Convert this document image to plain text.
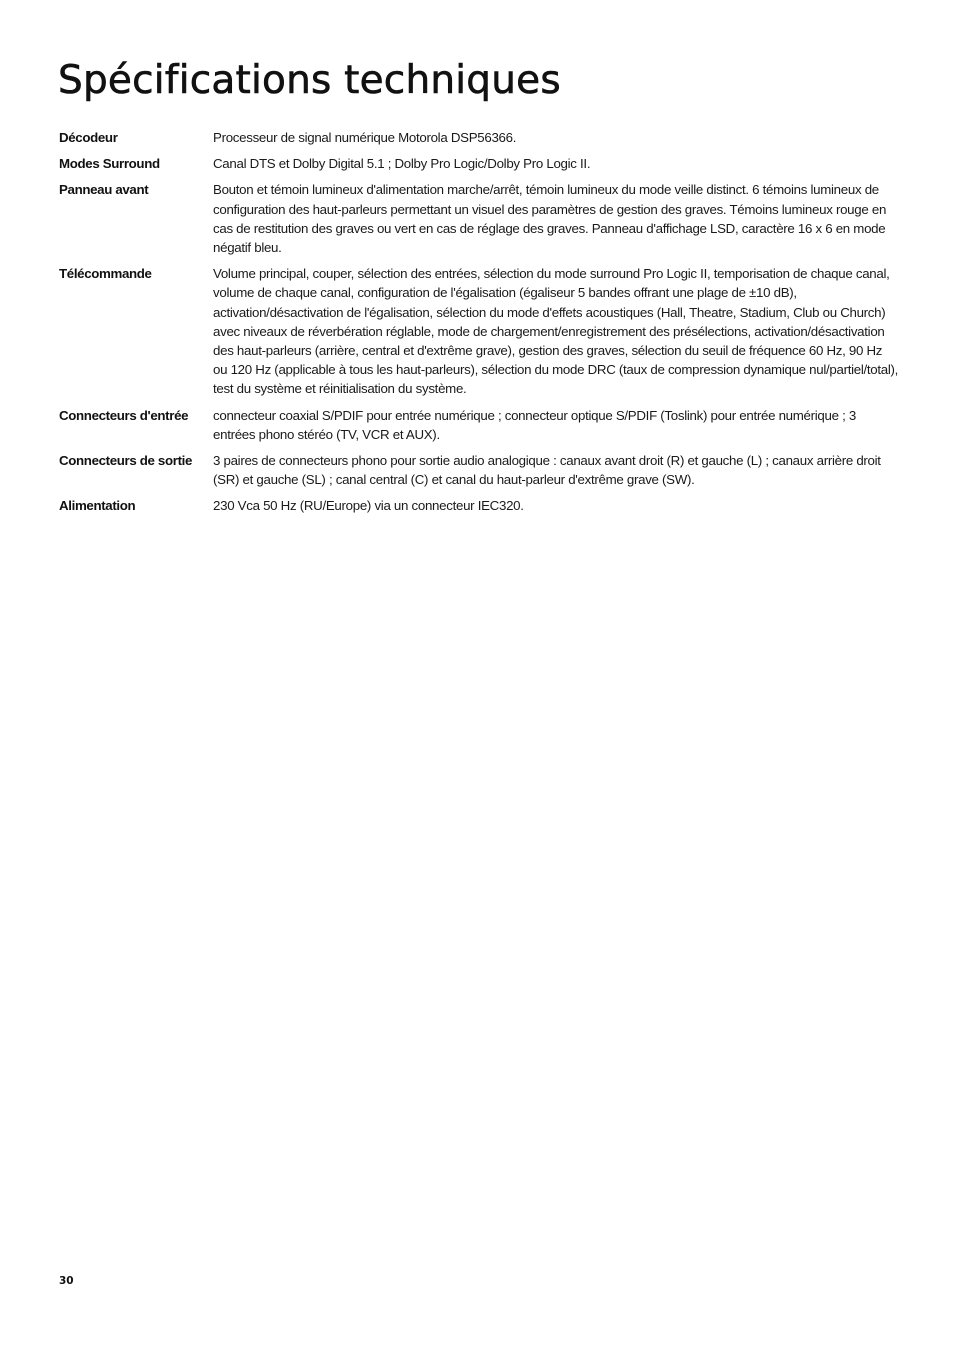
Spécifications techniques
Décodeur	Processeur de signal numérique Motorola DSP56366.
Modes Surround	Canal DTS et Dolby Digital 5.1 ; Dolby Pro Logic/Dolby Pro Logic II.
Panneau avant	Bouton et témoin lumineux d'alimentation marche/arrêt, témoin lumineux du mode veille distinct. 6 témoins lumineux de configuration des haut-parleurs permettant un visuel des paramètres de gestion des graves. Témoins lumineux rouge en cas de restitution des graves ou vert en cas de réglage des graves. Panneau d'affichage LSD, caractère 16 x 6 en mode négatif bleu.
Télécommande	Volume principal, couper, sélection des entrées, sélection du mode surround Pro Logic II, temporisation de chaque canal, volume de chaque canal, configuration de l'égalisation (égaliseur 5 bandes offrant une plage de ±10 dB), activation/désactivation de l'égalisation, sélection du mode d'effets acoustiques (Hall, Theatre, Stadium, Club ou Church) avec niveaux de réverbération réglable, mode de chargement/enregistrement des présélections, activation/désactivation des haut-parleurs (arrière, central et d'extrême grave), gestion des graves, sélection du seuil de fréquence 60 Hz, 90 Hz ou 120 Hz (applicable à tous les haut-parleurs), sélection du mode DRC (taux de compression dynamique nul/partiel/total), test du système et réinitialisation du système.
Connecteurs d'entrée	connecteur coaxial S/PDIF pour entrée numérique ; connecteur optique S/PDIF (Toslink) pour entrée numérique ; 3 entrées phono stéréo (TV, VCR et AUX).
Connecteurs de sortie	3 paires de connecteurs phono pour sortie audio analogique : canaux avant droit (R) et gauche (L) ; canaux arrière droit (SR) et gauche (SL) ; canal central (C) et canal du haut-parleur d'extrême grave (SW).
Alimentation	230 Vca 50 Hz (RU/Europe) via un connecteur IEC320.
30
